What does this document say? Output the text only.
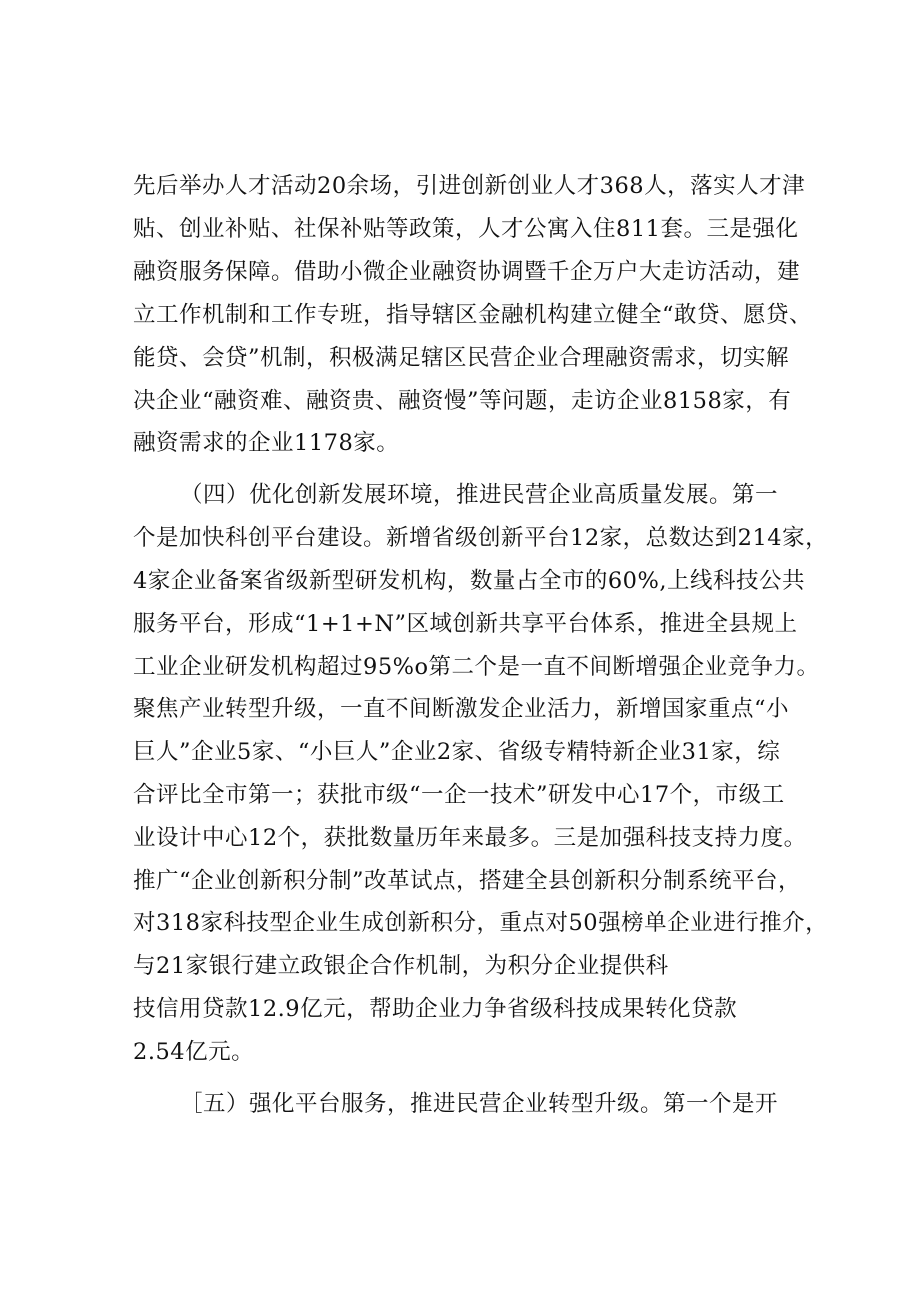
先后举办人才活动20余场，引进创新创业人才368人，落实人才津
贴、创业补贴、社保补贴等政策，人才公寓入住811套。三是强化
融资服务保障。借助小微企业融资协调暨千企万户大走访活动，建
立工作机制和工作专班，指导辖区金融机构建立健全“敢贷、愿贷、
能贷、会贷”机制，积极满足辖区民营企业合理融资需求，切实解
决企业“融资难、融资贵、融资慢”等问题，走访企业8158家，有
融资需求的企业1178家。
（四）优化创新发展环境，推进民营企业高质量发展。第一
个是加快科创平台建设。新增省级创新平台12家，总数达到214家，
4家企业备案省级新型研发机构，数量占全市的60%,上线科技公共
服务平台，形成“1+1+N”区域创新共享平台体系，推进全县规上
工业企业研发机构超过95%o第二个是一直不间断增强企业竞争力。
聚焦产业转型升级，一直不间断激发企业活力，新增国家重点“小
巨人”企业5家、“小巨人”企业2家、省级专精特新企业31家，综
合评比全市第一；获批市级“一企一技术”研发中心17个，市级工
业设计中心12个，获批数量历年来最多。三是加强科技支持力度。
推广“企业创新积分制”改革试点，搭建全县创新积分制系统平台，
对318家科技型企业生成创新积分，重点对50强榜单企业进行推介，
与21家银行建立政银企合作机制，为积分企业提供科
技信用贷款12.9亿元，帮助企业力争省级科技成果转化贷款
2.54亿元。
［五）强化平台服务，推进民营企业转型升级。第一个是开
